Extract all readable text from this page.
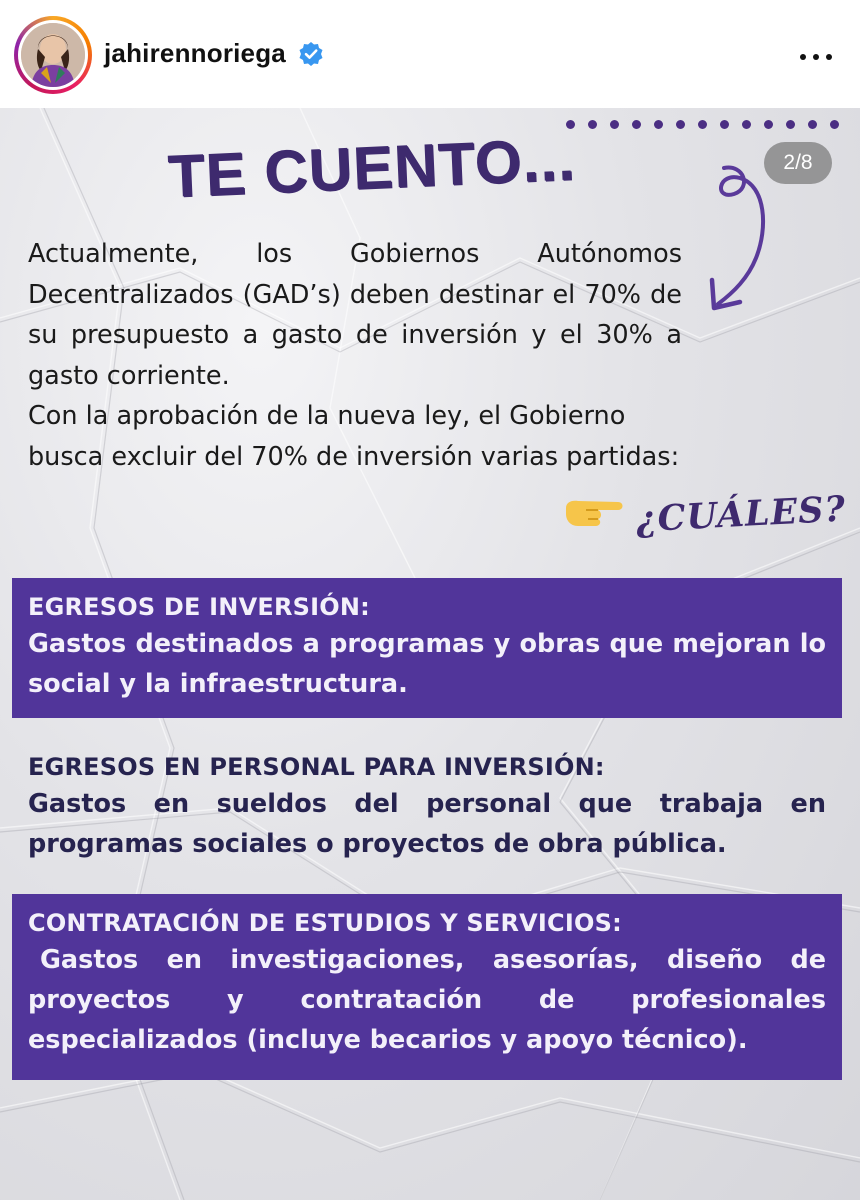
jahirennoriega
2/8
TE CUENTO...

Actualmente, los Gobiernos Autónomos Decentralizados (GAD’s) deben destinar el 70% de su presupuesto a gasto de inversión y el 30% a gasto corriente.

Con la aprobación de la nueva ley, el Gobierno busca excluir del 70% de inversión varias partidas:

¿CUÁLES?
EGRESOS DE INVERSIÓN:
Gastos destinados a programas y obras que mejoran lo social y la infraestructura.
EGRESOS EN PERSONAL PARA INVERSIÓN:
Gastos en sueldos del personal que trabaja en programas sociales o proyectos de obra pública.
CONTRATACIÓN DE ESTUDIOS Y SERVICIOS:
Gastos en investigaciones, asesorías, diseño de proyectos y contratación de profesionales especializados (incluye becarios y apoyo técnico).
